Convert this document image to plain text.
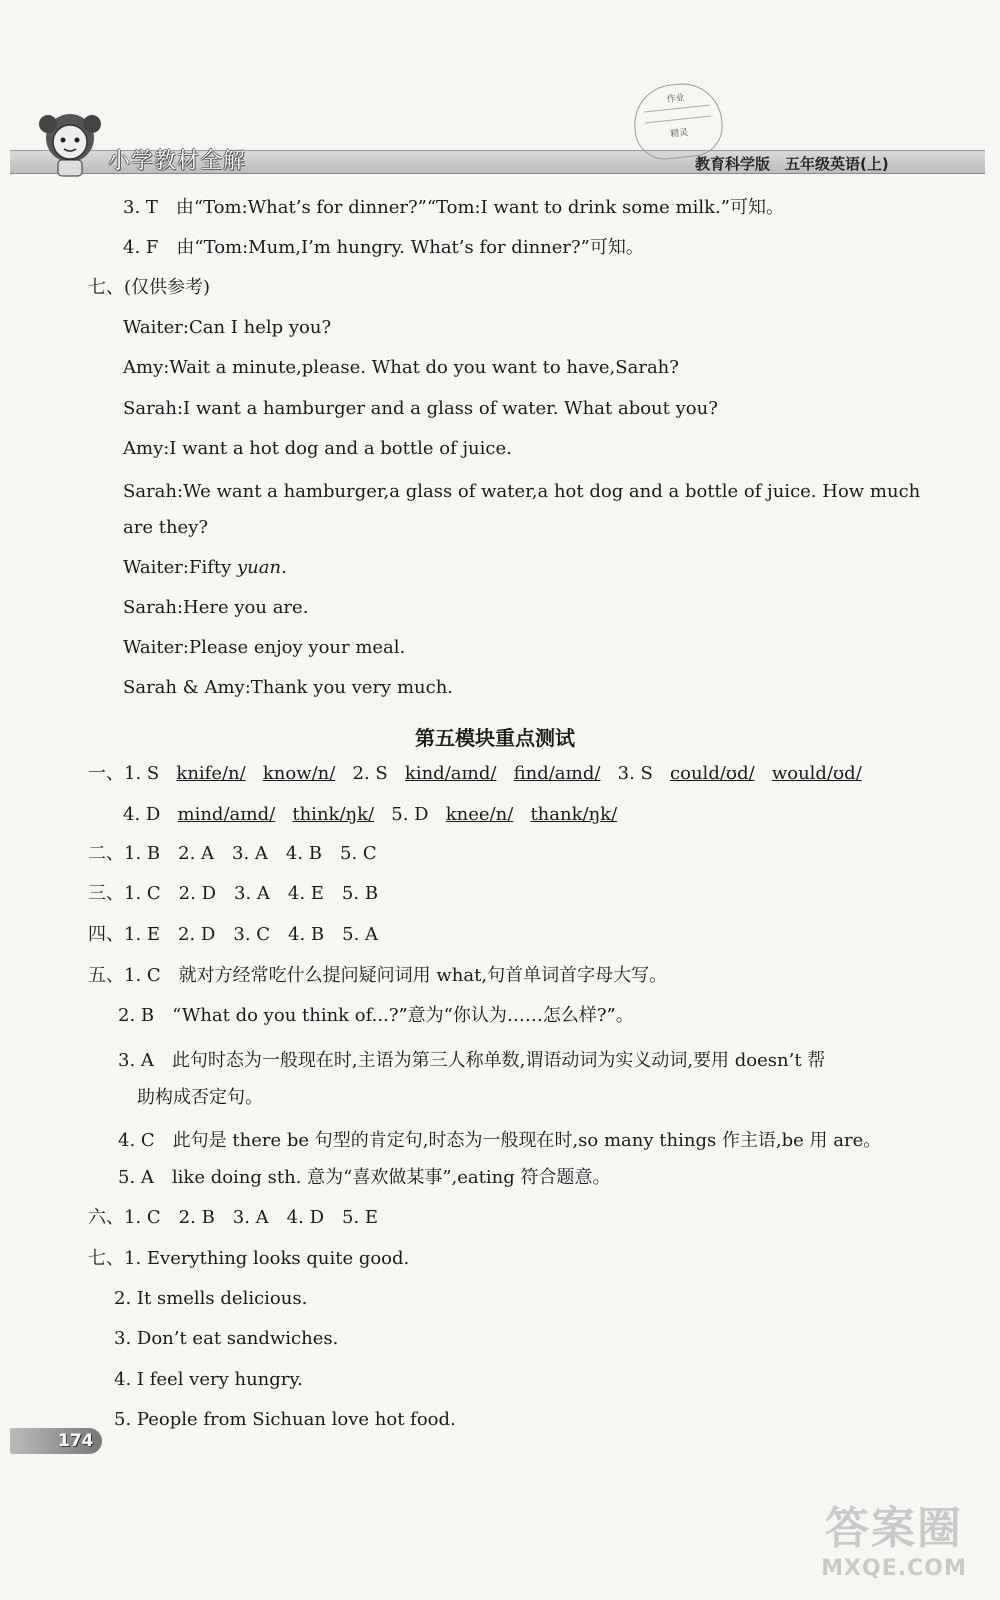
小学教材全解
作业
精灵
教育科学版　五年级英语(上)
3. T　由“Tom:What’s for dinner?”“Tom:I want to drink some milk.”可知。
4. F　由“Tom:Mum,I’m hungry. What’s for dinner?”可知。
七、(仅供参考)
Waiter:Can I help you?
Amy:Wait a minute,please. What do you want to have,Sarah?
Sarah:I want a hamburger and a glass of water. What about you?
Amy:I want a hot dog and a bottle of juice.
Sarah:We want a hamburger,a glass of water,a hot dog and a bottle of juice. How much
are they?
Waiter:Fifty yuan.
Sarah:Here you are.
Waiter:Please enjoy your meal.
Sarah & Amy:Thank you very much.
第五模块重点测试
一、1. S knife/n/ know/n/ 2. S kind/aɪnd/ find/aɪnd/ 3. S could/ʊd/ would/ʊd/
4. D mind/aɪnd/ think/ŋk/ 5. D knee/n/ thank/ŋk/
二、1. B　2. A　3. A　4. B　5. C
三、1. C　2. D　3. A　4. E　5. B
四、1. E　2. D　3. C　4. B　5. A
五、1. C　就对方经常吃什么提问疑问词用 what,句首单词首字母大写。
2. B　“What do you think of...?”意为“你认为……怎么样?”。
3. A　此句时态为一般现在时,主语为第三人称单数,谓语动词为实义动词,要用 doesn’t 帮
助构成否定句。
4. C　此句是 there be 句型的肯定句,时态为一般现在时,so many things 作主语,be 用 are。
5. A　like doing sth. 意为“喜欢做某事”,eating 符合题意。
六、1. C　2. B　3. A　4. D　5. E
七、1. Everything looks quite good.
2. It smells delicious.
3. Don’t eat sandwiches.
4. I feel very hungry.
5. People from Sichuan love hot food.
174
答案圈
MXQE.COM
